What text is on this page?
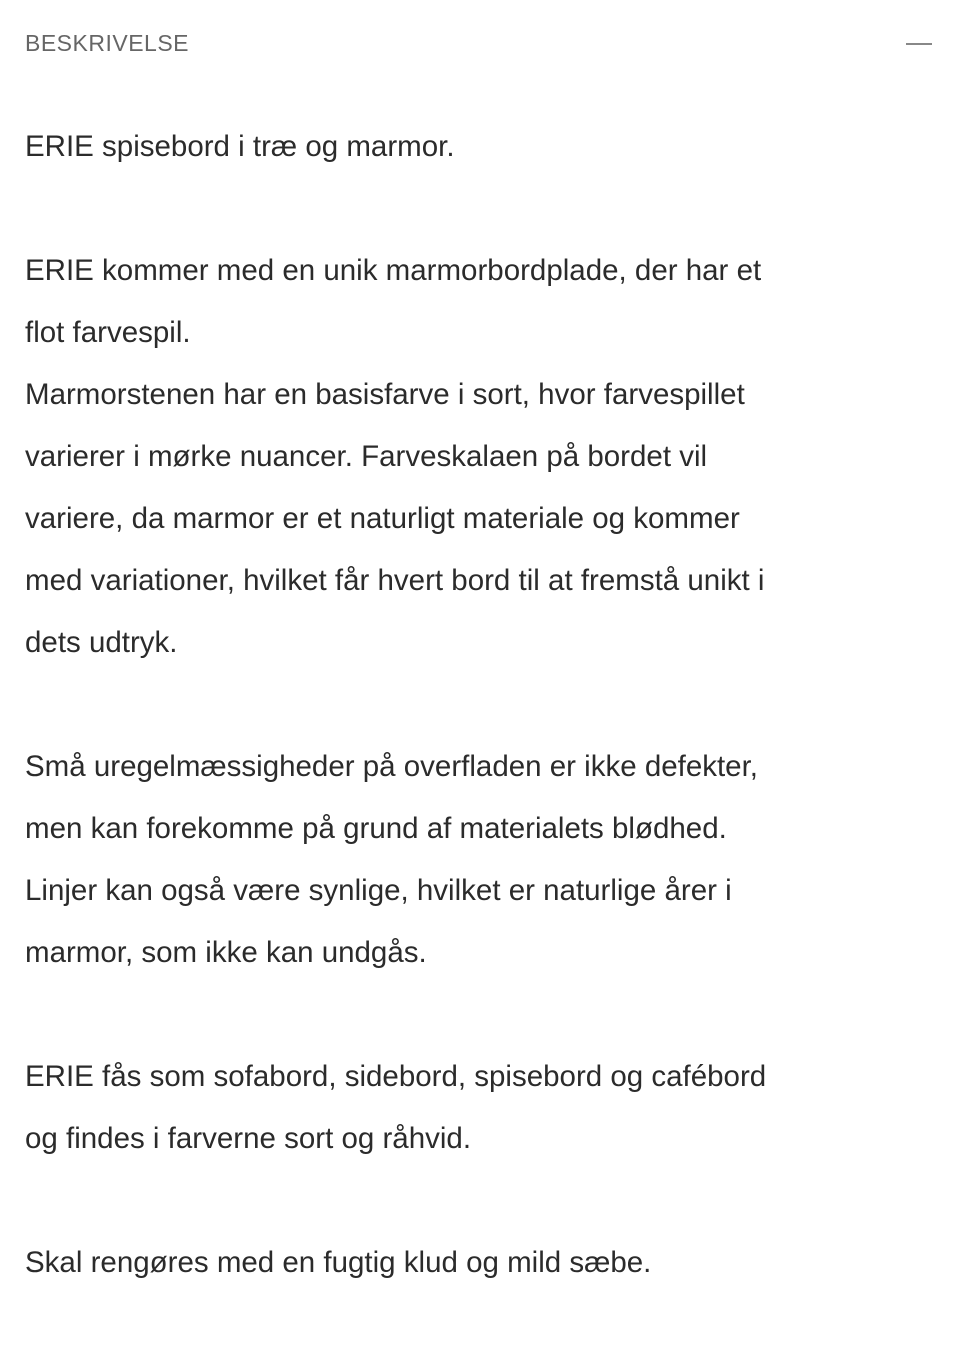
BESKRIVELSE

ERIE spisebord i træ og marmor.

ERIE kommer med en unik marmorbordplade, der har et
flot farvespil.
Marmorstenen har en basisfarve i sort, hvor farvespillet
varierer i mørke nuancer. Farveskalaen på bordet vil
variere, da marmor er et naturligt materiale og kommer
med variationer, hvilket får hvert bord til at fremstå unikt i
dets udtryk.

Små uregelmæssigheder på overfladen er ikke defekter,
men kan forekomme på grund af materialets blødhed.
Linjer kan også være synlige, hvilket er naturlige årer i
marmor, som ikke kan undgås.

ERIE fås som sofabord, sidebord, spisebord og cafébord
og findes i farverne sort og råhvid.

Skal rengøres med en fugtig klud og mild sæbe.
